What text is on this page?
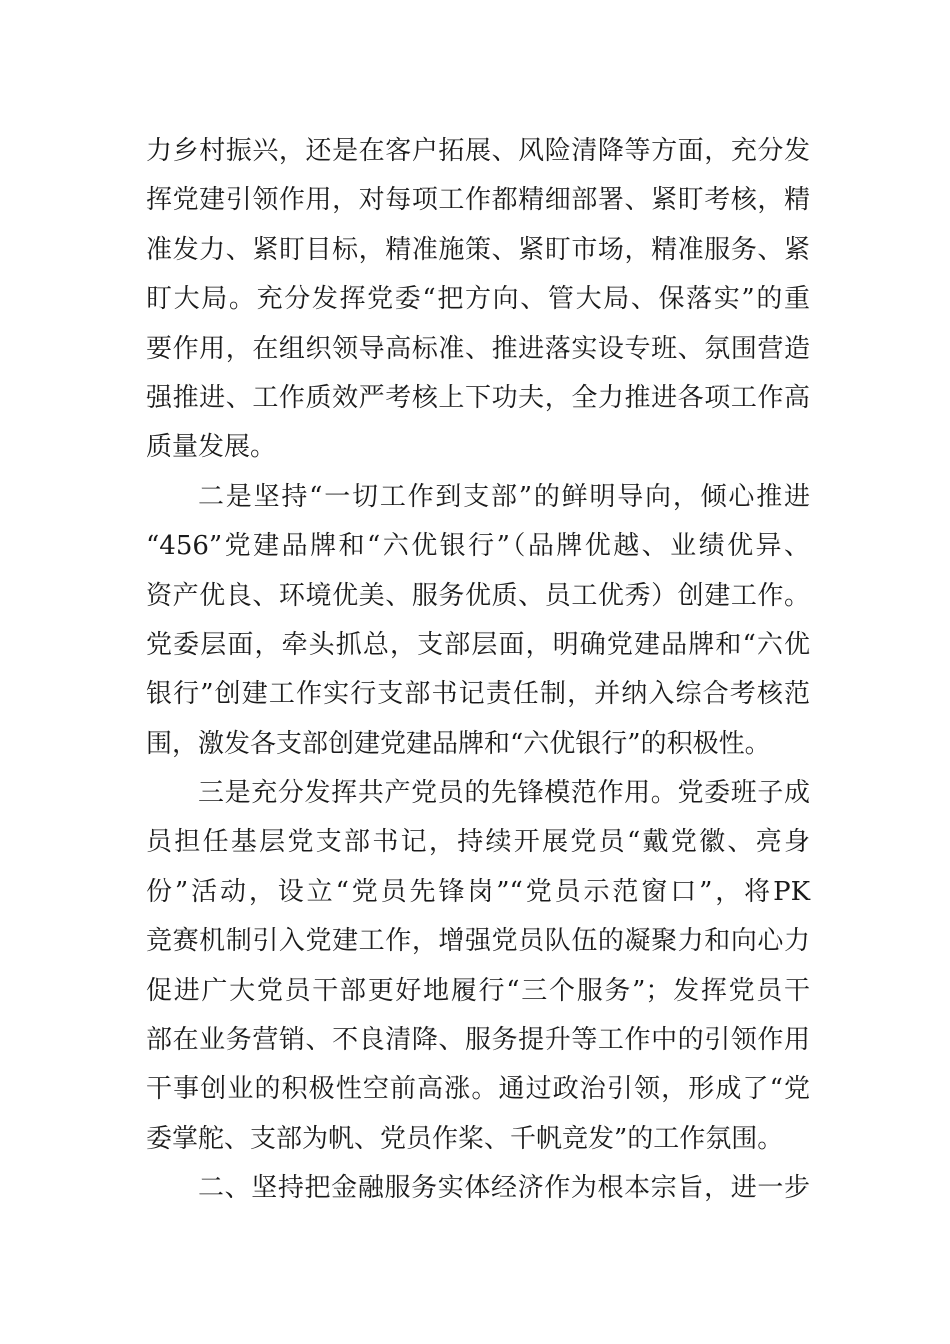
力乡村振兴，还是在客户拓展、风险清降等方面，充分发
挥党建引领作用，对每项工作都精细部署、紧盯考核，精
准发力、紧盯目标，精准施策、紧盯市场，精准服务、紧
盯大局。充分发挥党委“把方向、管大局、保落实”的重
要作用，在组织领导高标准、推进落实设专班、氛围营造
强推进、工作质效严考核上下功夫，全力推进各项工作高
质量发展。
二是坚持“一切工作到支部”的鲜明导向，倾心推进
“456”党建品牌和“六优银行”（品牌优越、业绩优异、
资产优良、环境优美、服务优质、员工优秀）创建工作。
党委层面，牵头抓总，支部层面，明确党建品牌和“六优
银行”创建工作实行支部书记责任制，并纳入综合考核范
围，激发各支部创建党建品牌和“六优银行”的积极性。
三是充分发挥共产党员的先锋模范作用。党委班子成
员担任基层党支部书记，持续开展党员“戴党徽、亮身
份”活动，设立“党员先锋岗”“党员示范窗口”，将PK
竞赛机制引入党建工作，增强党员队伍的凝聚力和向心力
促进广大党员干部更好地履行“三个服务”；发挥党员干
部在业务营销、不良清降、服务提升等工作中的引领作用
干事创业的积极性空前高涨。通过政治引领，形成了“党
委掌舵、支部为帆、党员作桨、千帆竞发”的工作氛围。
二、坚持把金融服务实体经济作为根本宗旨，进一步
